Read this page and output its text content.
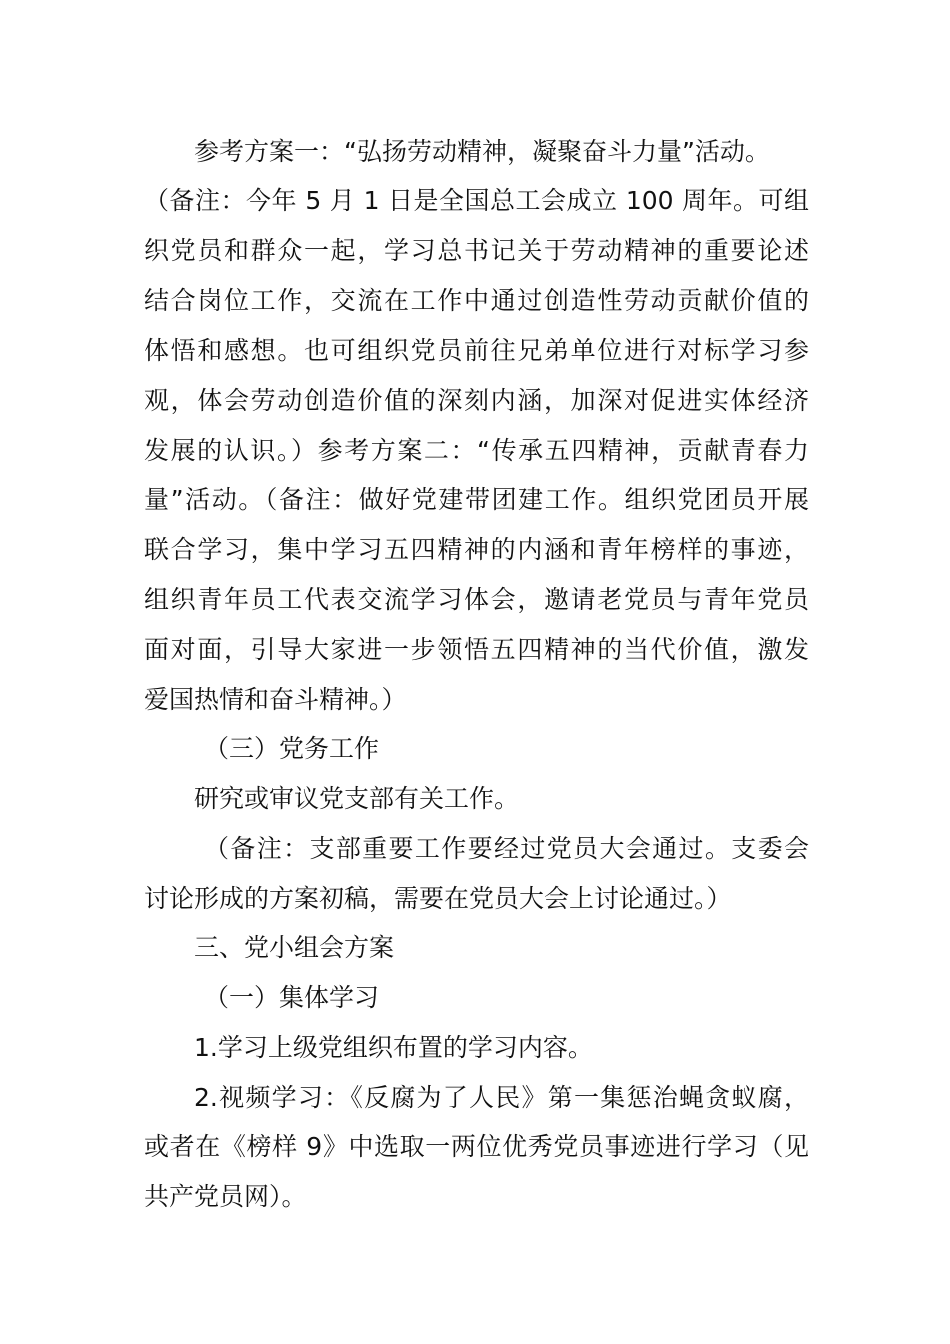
参考方案一：“弘扬劳动精神，凝聚奋斗力量”活动。
（备注：今年 5 月 1 日是全国总工会成立 100 周年。可组
织党员和群众一起，学习总书记关于劳动精神的重要论述
结合岗位工作，交流在工作中通过创造性劳动贡献价值的
体悟和感想。也可组织党员前往兄弟单位进行对标学习参
观，体会劳动创造价值的深刻内涵，加深对促进实体经济
发展的认识。）参考方案二：“传承五四精神，贡献青春力
量”活动。（备注：做好党建带团建工作。组织党团员开展
联合学习，集中学习五四精神的内涵和青年榜样的事迹，
组织青年员工代表交流学习体会，邀请老党员与青年党员
面对面，引导大家进一步领悟五四精神的当代价值，激发
爱国热情和奋斗精神。）
（三）党务工作
研究或审议党支部有关工作。
（备注：支部重要工作要经过党员大会通过。支委会
讨论形成的方案初稿，需要在党员大会上讨论通过。）
三、党小组会方案
（一）集体学习
1.学习上级党组织布置的学习内容。
2.视频学习：《反腐为了人民》第一集惩治蝇贪蚁腐，
或者在《榜样 9》中选取一两位优秀党员事迹进行学习（见
共产党员网）。
